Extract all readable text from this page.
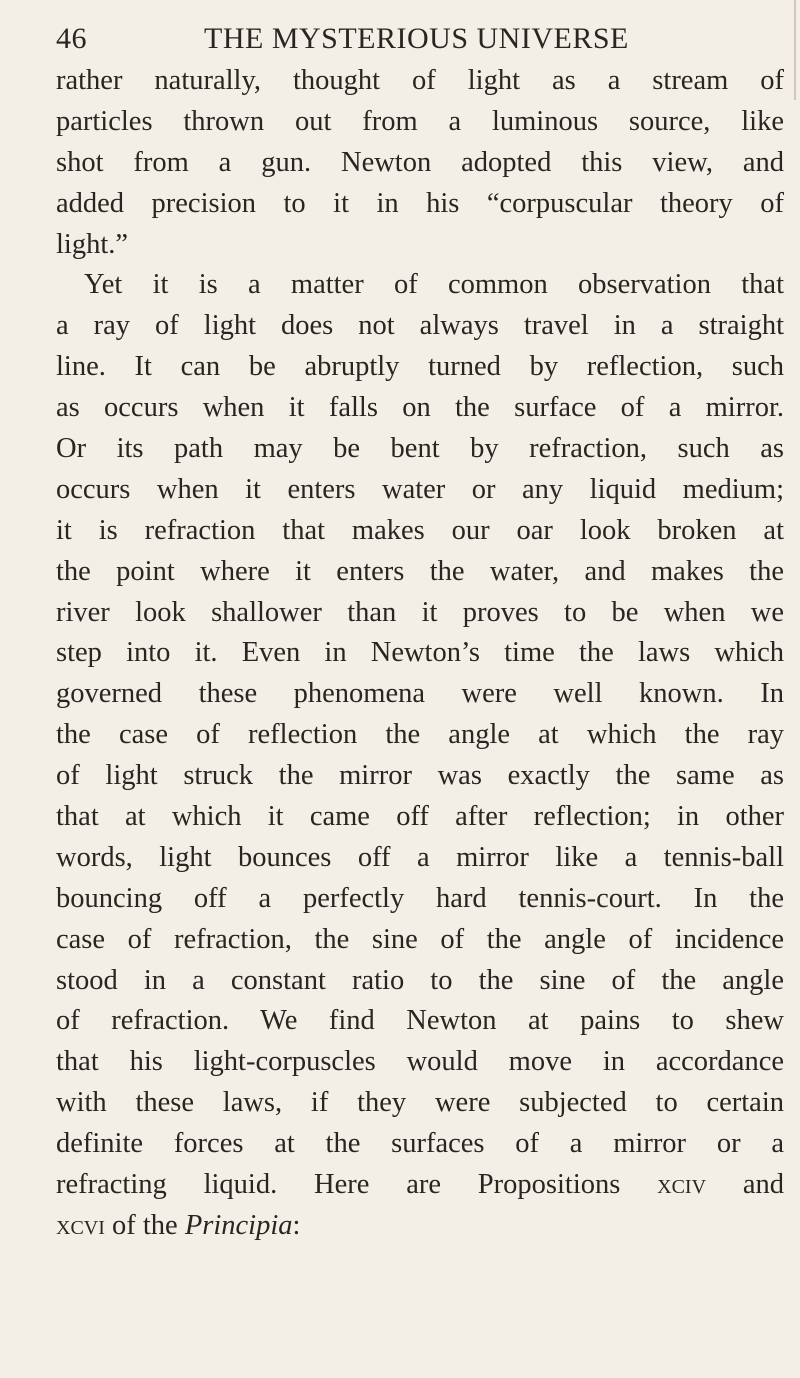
46	THE MYSTERIOUS UNIVERSE
rather naturally, thought of light as a stream of
particles thrown out from a luminous source, like
shot from a gun. Newton adopted this view, and
added precision to it in his “corpuscular theory of
light.”
Yet it is a matter of common observation that
a ray of light does not always travel in a straight
line. It can be abruptly turned by reflection, such
as occurs when it falls on the surface of a mirror.
Or its path may be bent by refraction, such as
occurs when it enters water or any liquid medium;
it is refraction that makes our oar look broken at
the point where it enters the water, and makes the
river look shallower than it proves to be when we
step into it. Even in Newton’s time the laws which
governed these phenomena were well known. In
the case of reflection the angle at which the ray
of light struck the mirror was exactly the same as
that at which it came off after reflection; in other
words, light bounces off a mirror like a tennis-ball
bouncing off a perfectly hard tennis-court. In the
case of refraction, the sine of the angle of incidence
stood in a constant ratio to the sine of the angle
of refraction. We find Newton at pains to shew
that his light-corpuscles would move in accordance
with these laws, if they were subjected to certain
definite forces at the surfaces of a mirror or a
refracting liquid. Here are Propositions xciv and
xcvi of the Principia:
